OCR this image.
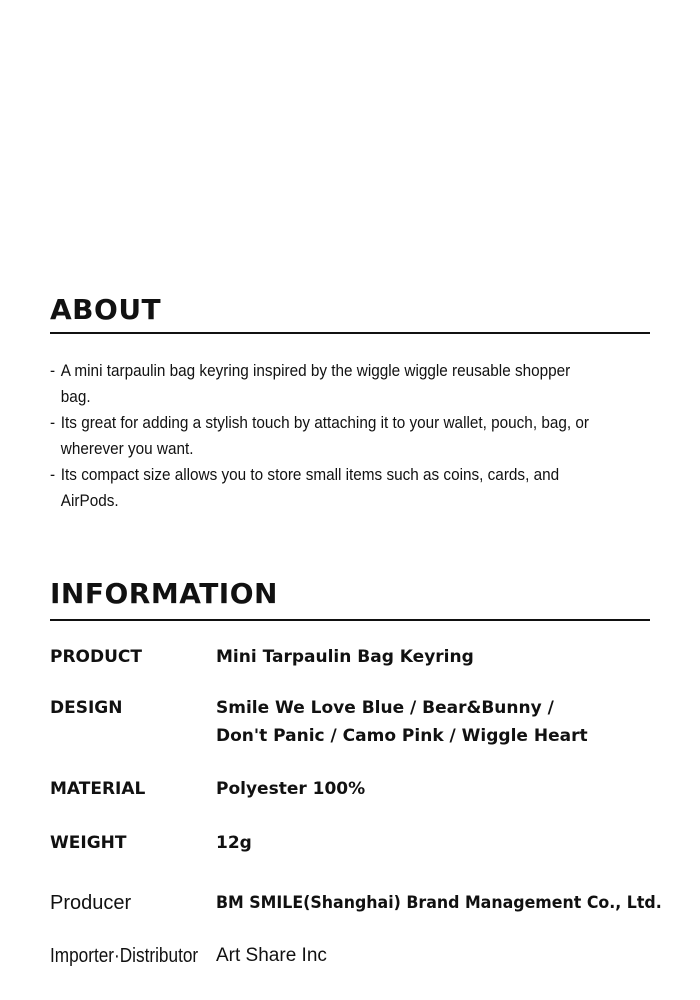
ABOUT
- A mini tarpaulin bag keyring inspired by the wiggle wiggle reusable shopper bag.
- Its great for adding a stylish touch by attaching it to your wallet, pouch, bag, or wherever you want.
- Its compact size allows you to store small items such as coins, cards, and AirPods.
INFORMATION
PRODUCT	Mini Tarpaulin Bag Keyring
DESIGN	Smile We Love Blue / Bear&Bunny /
Don't Panic / Camo Pink / Wiggle Heart
MATERIAL	Polyester 100%
WEIGHT	12g
Producer	BM SMILE(Shanghai) Brand Management Co., Ltd.
Importer·Distributor Art Share Inc
